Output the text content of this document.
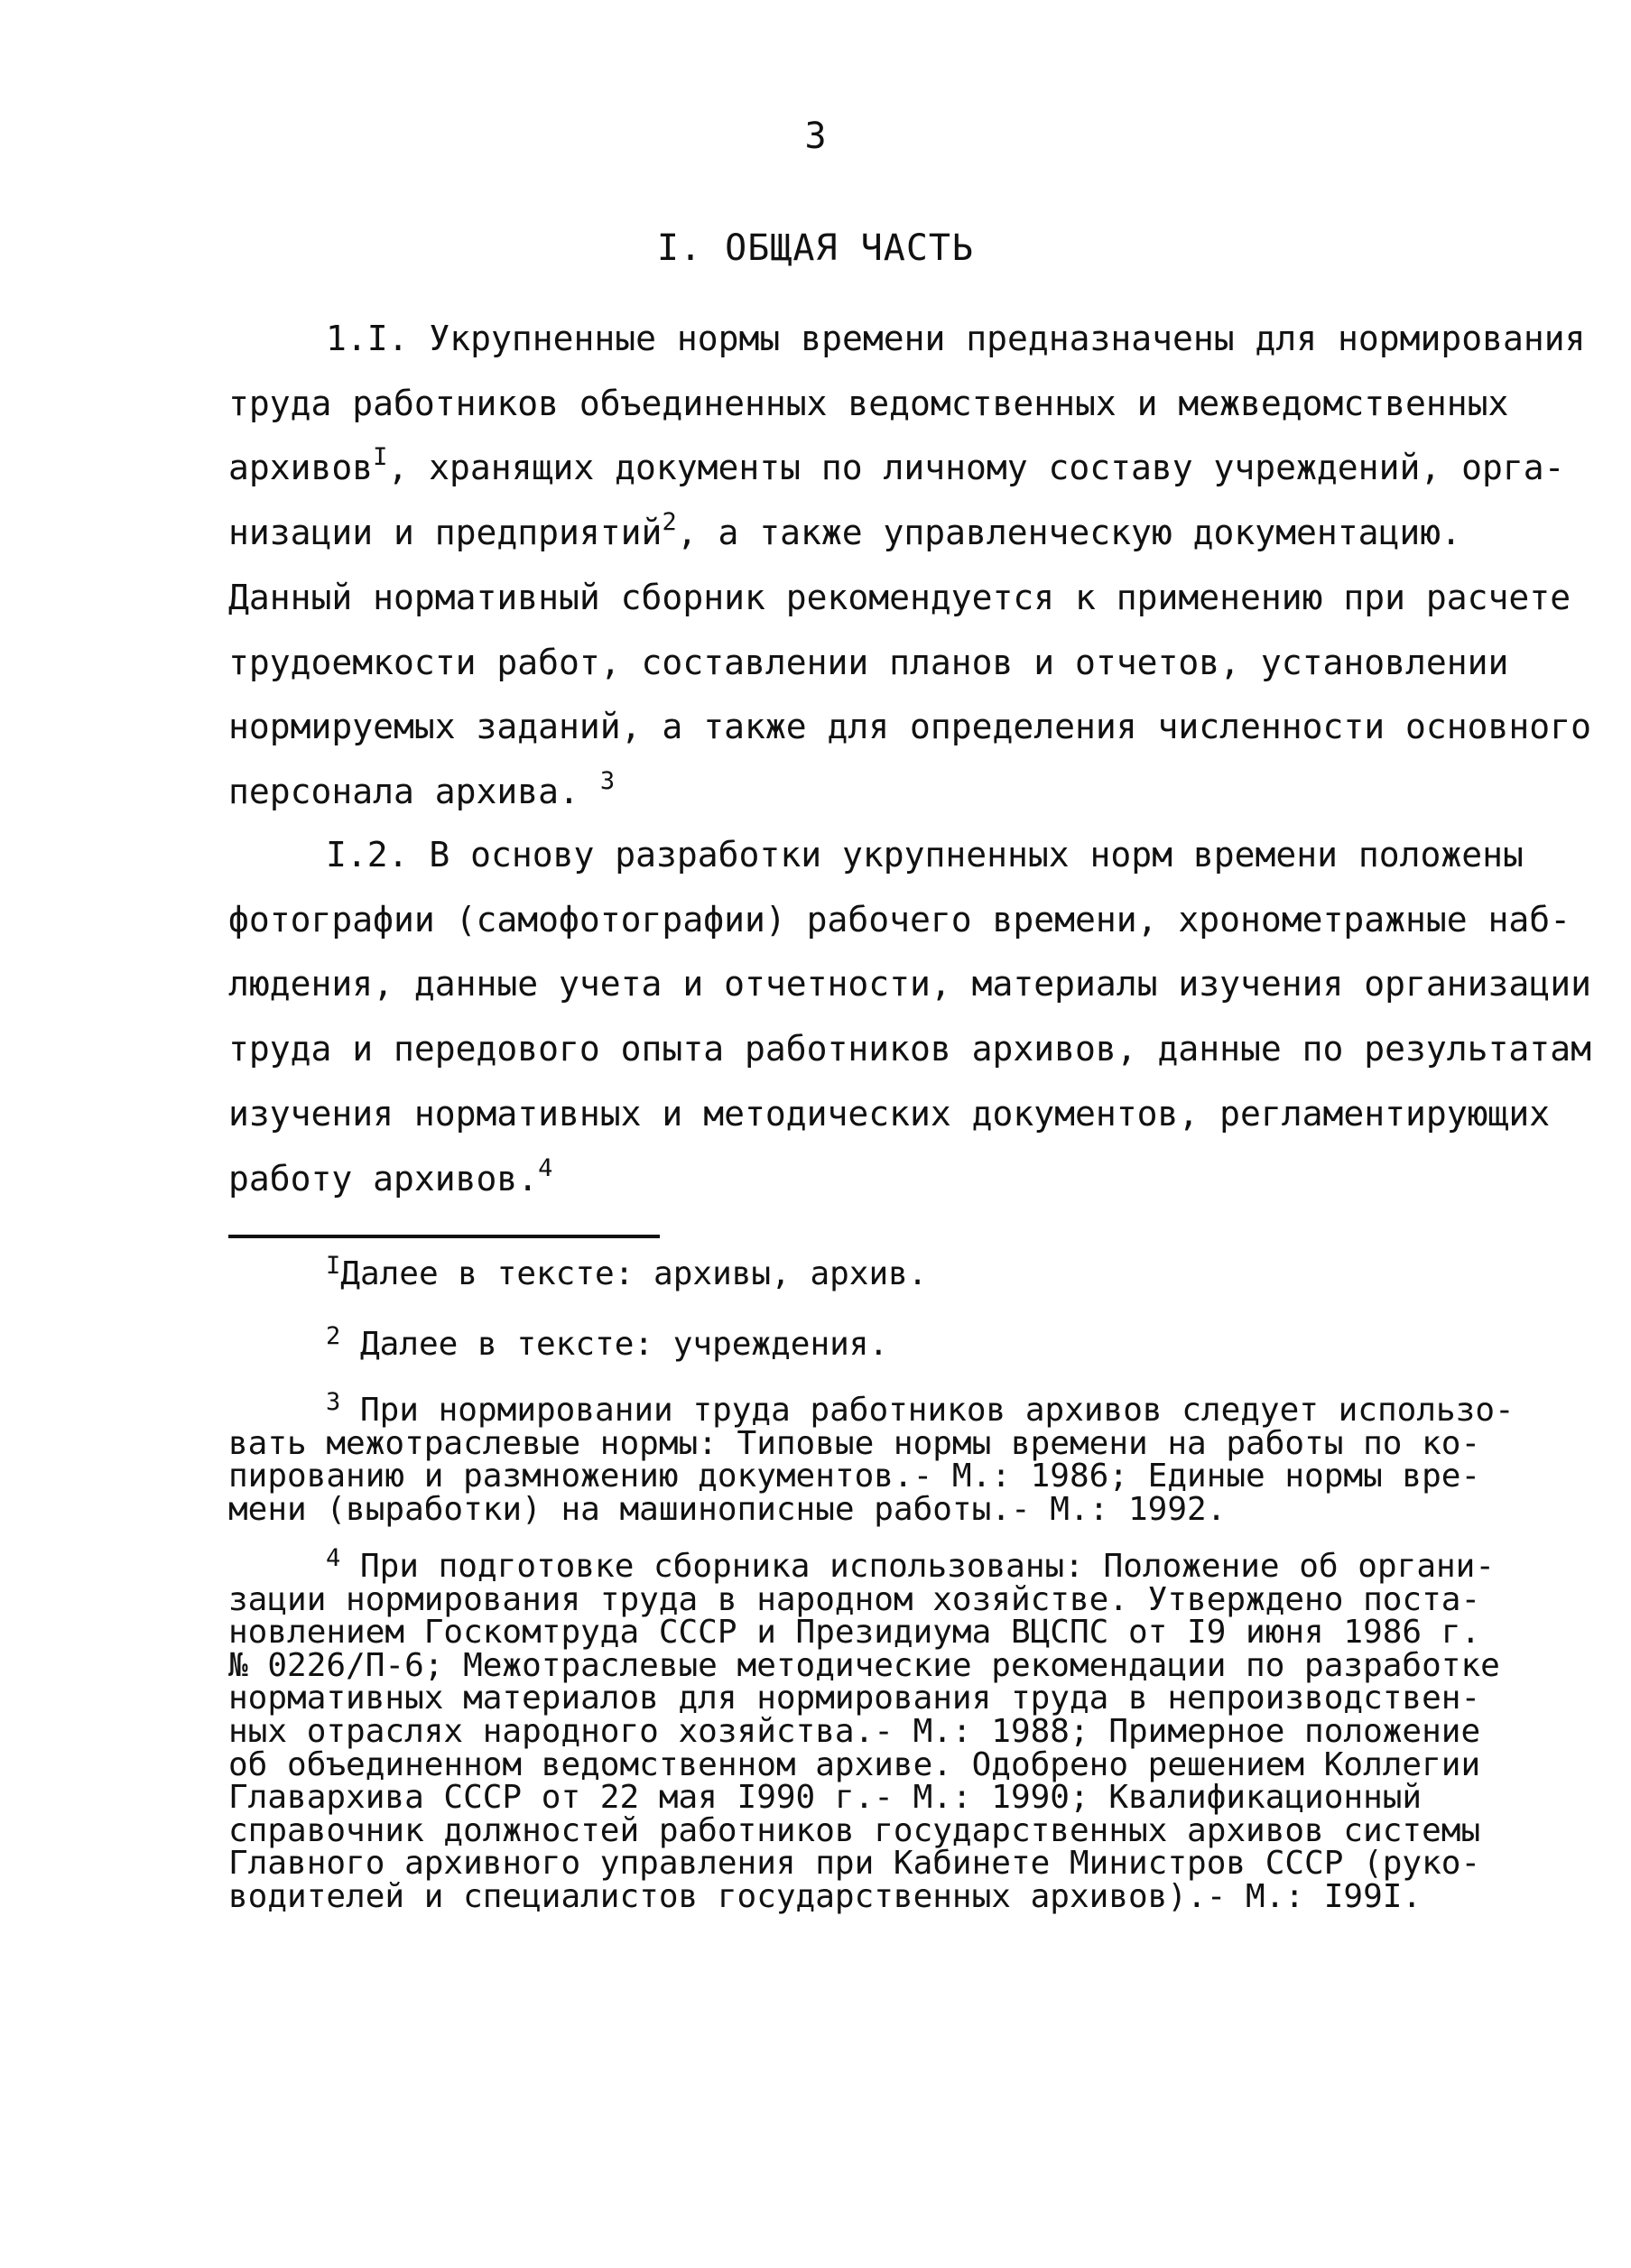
3
I. ОБЩАЯ ЧАСТЬ

1.I. Укрупненные нормы времени предназначены для нормирования

труда работников объединенных ведомственных и межведомственных

архивов$^I$, хранящих документы по личному составу учреждений, орга-

низации и предприятий$^2$, а также управленческую документацию.

Данный нормативный сборник рекомендуется к применению при расчете

трудоемкости работ, составлении планов и отчетов, установлении

нормируемых заданий, а также для определения численности основного

персонала архива. $^3$

I.2. В основу разработки укрупненных норм времени положены

фотографии (самофотографии) рабочего времени, хронометражные наб-

людения, данные учета и отчетности, материалы изучения организации

труда и передового опыта работников архивов, данные по результатам

изучения нормативных и методических документов, регламентирующих

работу архивов.$^4$

$^I$Далее в тексте: архивы, архив.

$^2$ Далее в тексте: учреждения.

$^3$ При нормировании труда работников архивов следует использо-

вать межотраслевые нормы: Типовые нормы времени на работы по ко-

пированию и размножению документов.- М.: 1986; Единые нормы вре-

мени (выработки) на машинописные работы.- М.: 1992.

$^4$ При подготовке сборника использованы: Положение об органи-

зации нормирования труда в народном хозяйстве. Утверждено поста-

новлением Госкомтруда СССР и Президиума ВЦСПС от I9 июня 1986 г.

№ 0226/П-6; Межотраслевые методические рекомендации по разработке

нормативных материалов для нормирования труда в непроизводствен-

ных отраслях народного хозяйства.- М.: 1988; Примерное положение

об объединенном ведомственном архиве. Одобрено решением Коллегии

Главархива СССР от 22 мая I990 г.- М.: 1990; Квалификационный

справочник должностей работников государственных архивов системы

Главного архивного управления при Кабинете Министров СССР (руко-

водителей и специалистов государственных архивов).- М.: I99I.
